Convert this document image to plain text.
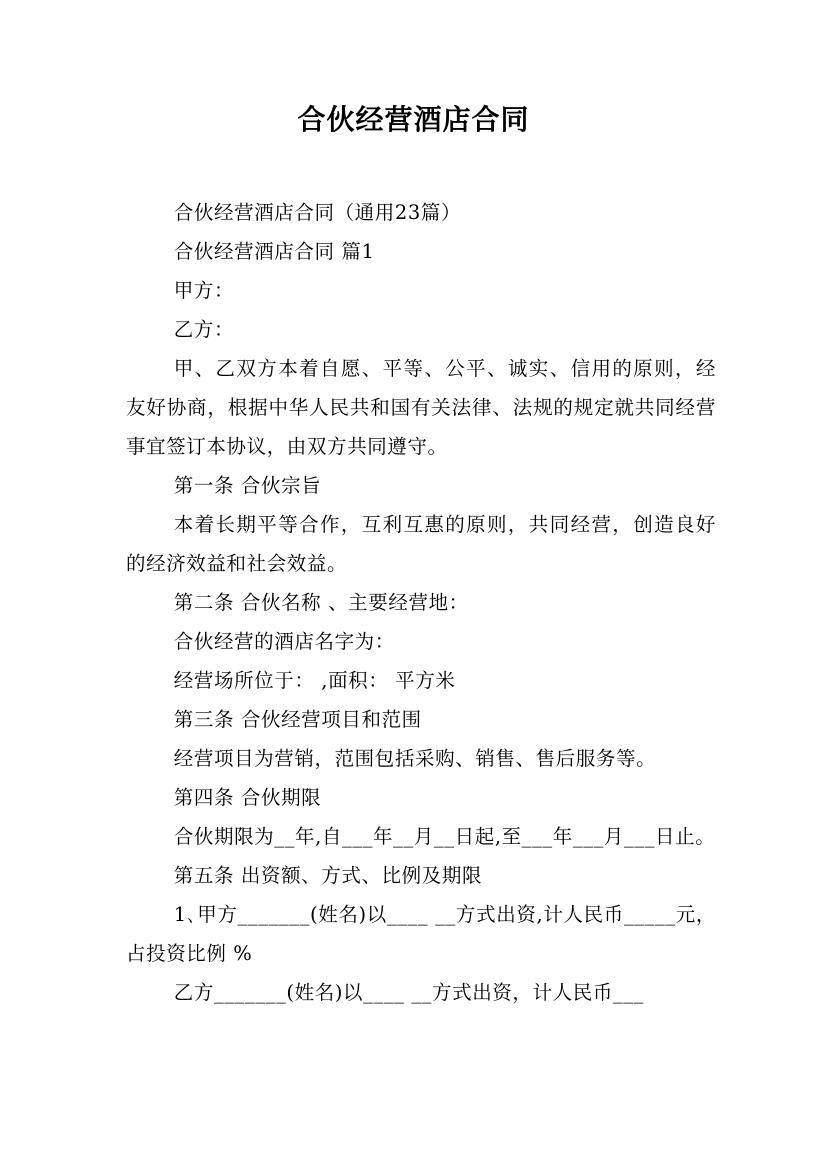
合伙经营酒店合同

合伙经营酒店合同（通用23篇）

合伙经营酒店合同 篇1

甲方：

乙方：

甲、乙双方本着自愿、平等、公平、诚实、信用的原则，经友好协商，根据中华人民共和国有关法律、法规的规定就共同经营事宜签订本协议，由双方共同遵守。

第一条 合伙宗旨

本着长期平等合作，互利互惠的原则，共同经营，创造良好的经济效益和社会效益。

第二条 合伙名称 、主要经营地：

合伙经营的酒店名字为：

经营场所位于： ,面积： 平方米

第三条 合伙经营项目和范围

经营项目为营销，范围包括采购、销售、售后服务等。

第四条 合伙期限

合伙期限为__年,自___年__月__日起,至___年___月___日止。

第五条 出资额、方式、比例及期限

1､甲方_______(姓名)以____ __方式出资,计人民币_____元，占投资比例 %

乙方_______(姓名)以____ __方式出资，计人民币___
